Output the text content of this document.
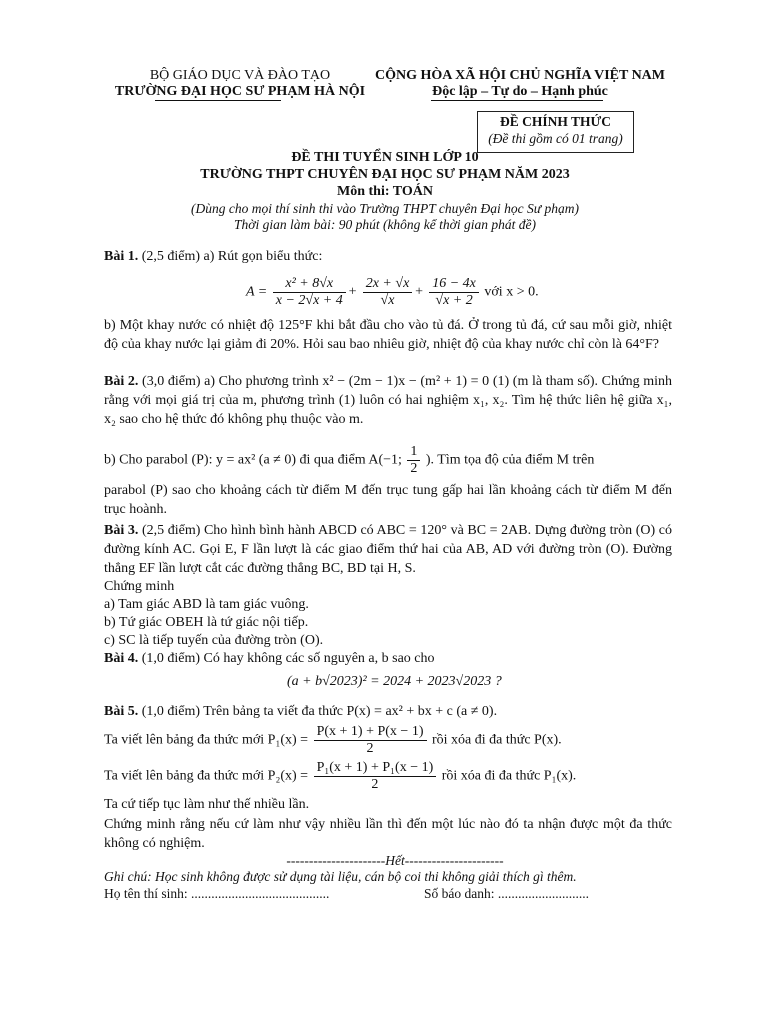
BỘ GIÁO DỤC VÀ ĐÀO TẠO
TRƯỜNG ĐẠI HỌC SƯ PHẠM HÀ NỘI
CỘNG HÒA XÃ HỘI CHỦ NGHĨA VIỆT NAM
Độc lập – Tự do – Hạnh phúc
ĐỀ CHÍNH THỨC
(Đề thi gồm có 01 trang)
ĐỀ THI TUYỂN SINH LỚP 10
TRƯỜNG THPT CHUYÊN ĐẠI HỌC SƯ PHẠM NĂM 2023
Môn thi: TOÁN
(Dùng cho mọi thí sinh thi vào Trường THPT chuyên Đại học Sư phạm)
Thời gian làm bài: 90 phút (không kể thời gian phát đề)
Bài 1. (2,5 điểm) a) Rút gọn biểu thức:
$A = \frac{\text{x² + 8√x}}{x - 2√x + 4} + \frac{2x + √x}{√x} + \frac{16 - 4x}{√x + 2}$ với x > 0.
b) Một khay nước có nhiệt độ 125°F khi bắt đầu cho vào tủ đá. Ở trong tủ đá, cứ sau mỗi giờ, nhiệt độ của khay nước lại giảm đi 20%. Hỏi sau bao nhiêu giờ, nhiệt độ của khay nước chỉ còn là 64°F?
Bài 2. (3,0 điểm) a) Cho phương trình x² − (2m − 1)x − (m² + 1) = 0 (1) (m là tham số). Chứng minh rằng với mọi giá trị của m, phương trình (1) luôn có hai nghiệm x₁, x₂. Tìm hệ thức liên hệ giữa x₁, x₂ sao cho hệ thức đó không phụ thuộc vào m.
b) Cho parabol (P): y = ax² (a ≠ 0) đi qua điểm A(−1; $\frac{1}{2}$ ). Tìm tọa độ của điểm M trên
parabol (P) sao cho khoảng cách từ điểm M đến trục tung gấp hai lần khoảng cách từ điểm M đến trục hoành.
Bài 3. (2,5 điểm) Cho hình bình hành ABCD có ABC = 120° và BC = 2AB. Dựng đường tròn (O) có đường kính AC. Gọi E, F lần lượt là các giao điểm thứ hai của AB, AD với đường tròn (O). Đường thẳng EF lần lượt cắt các đường thẳng BC, BD tại H, S.
Chứng minh
a) Tam giác ABD là tam giác vuông.
b) Tứ giác OBEH là tứ giác nội tiếp.
c) SC là tiếp tuyến của đường tròn (O).
Bài 4. (1,0 điểm) Có hay không các số nguyên a, b sao cho
(a + b√2023)² = 2024 + 2023√2023 ?
Bài 5. (1,0 điểm) Trên bảng ta viết đa thức P(x) = ax² + bx + c (a ≠ 0).
Ta viết lên bảng đa thức mới $P_1(x) = \frac{P(x + 1) + P(x - 1)}{2}$ rồi xóa đi đa thức P(x).
Ta viết lên bảng đa thức mới $P_2(x) = \frac{\text{P₁(x + 1) + P₁(x − 1)}}{2}$ rồi xóa đi đa thức P₁(x).
Ta cứ tiếp tục làm như thế nhiều lần.
Chứng minh rằng nếu cứ làm như vậy nhiều lần thì đến một lúc nào đó ta nhận được một đa thức không có nghiệm.
----------------------Hết----------------------
Ghi chú: Học sinh không được sử dụng tài liệu, cán bộ coi thi không giải thích gì thêm.
Họ tên thí sinh: .........................................	Số báo danh: ...........................
